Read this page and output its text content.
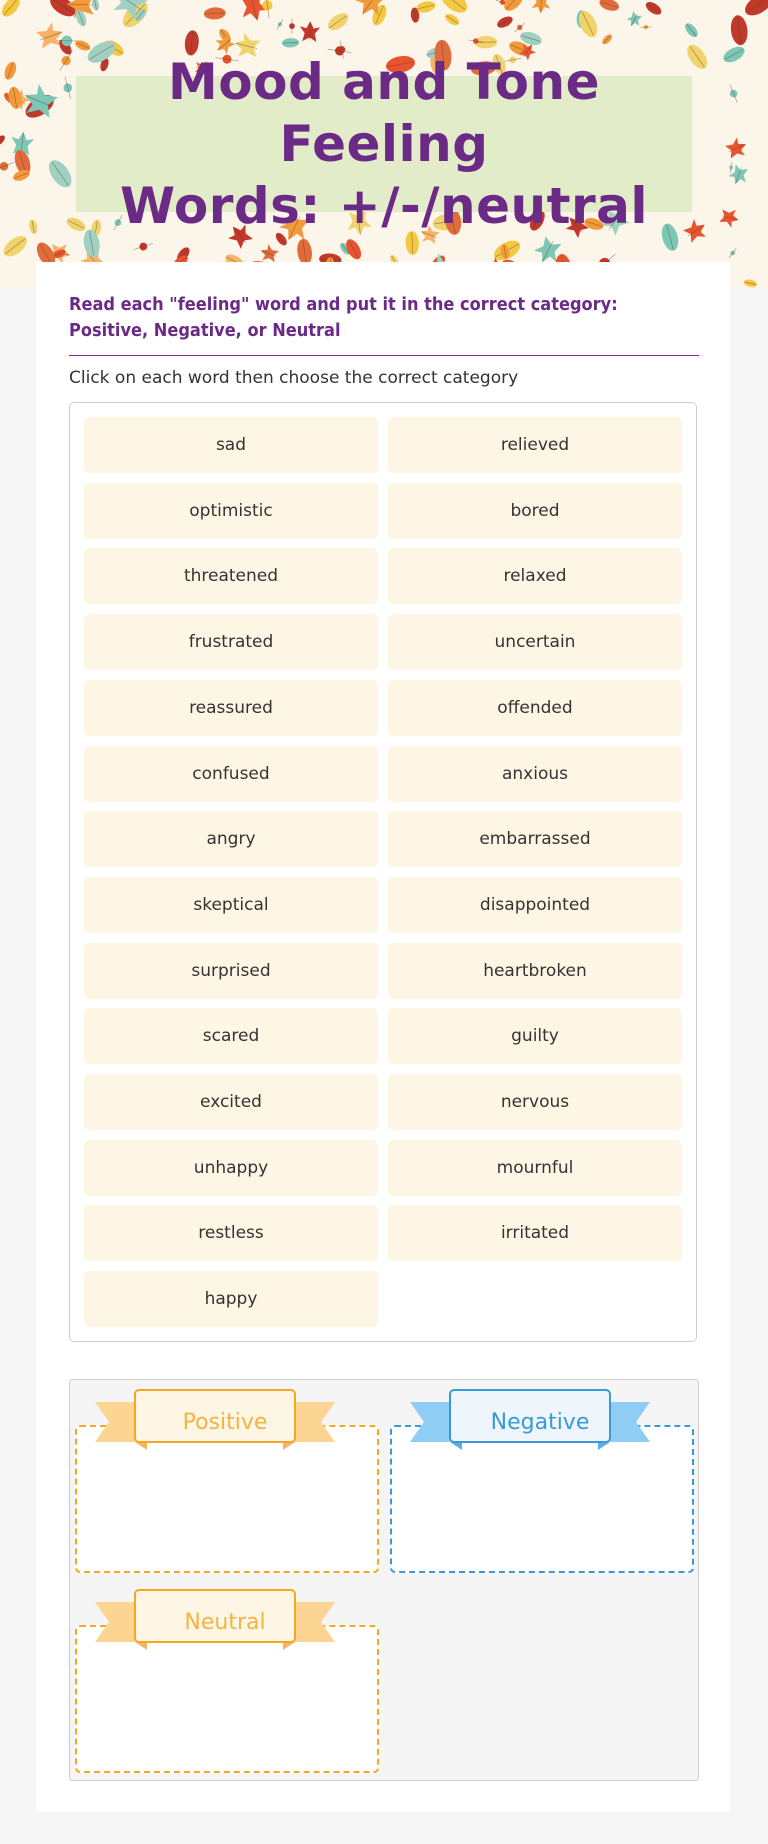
Mood and Tone Feeling
Words: +/-/neutral
Read each "feeling" word and put it in the correct category: Positive, Negative, or Neutral
Click on each word then choose the correct category
sad	relieved
optimistic	bored
threatened	relaxed
frustrated	uncertain
reassured	offended
confused	anxious
angry	embarrassed
skeptical	disappointed
surprised	heartbroken
scared	guilty
excited	nervous
unhappy	mournful
restless	irritated
happy
Positive	Negative
Neutral
